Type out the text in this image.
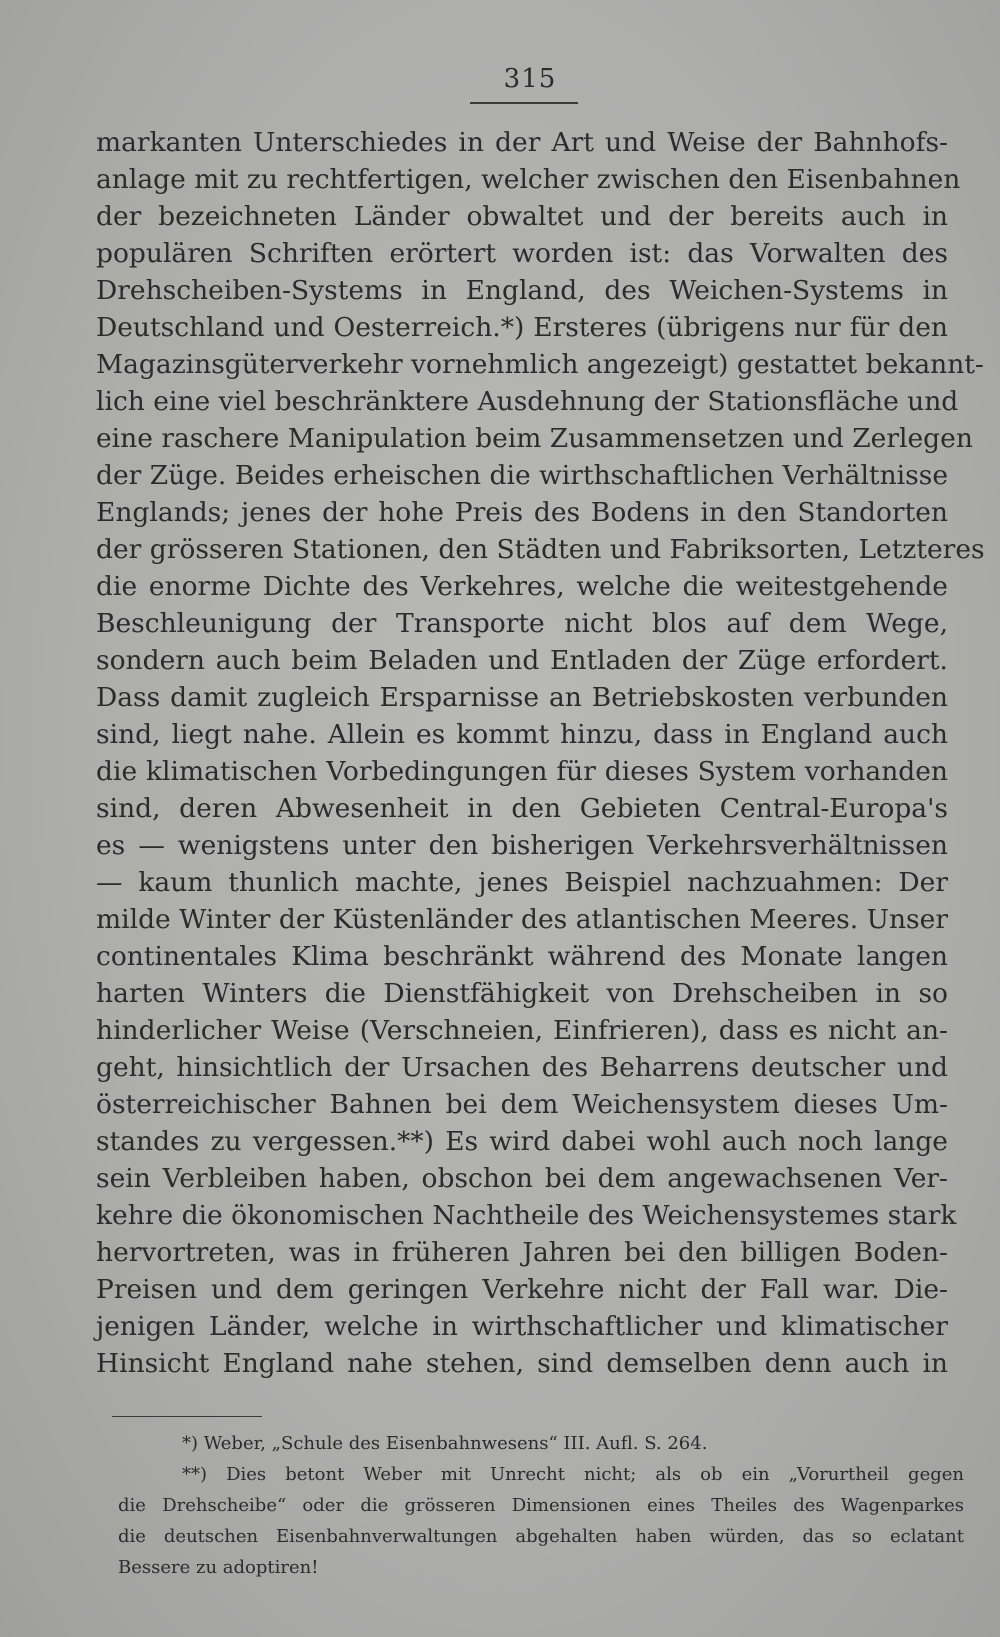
315
markanten Unterschiedes in der Art und Weise der Bahnhofs-
anlage mit zu rechtfertigen, welcher zwischen den Eisenbahnen
der bezeichneten Länder obwaltet und der bereits auch in
populären Schriften erörtert worden ist: das Vorwalten des
Drehscheiben-Systems in England, des Weichen-Systems in
Deutschland und Oesterreich.*) Ersteres (übrigens nur für den
Magazinsgüterverkehr vornehmlich angezeigt) gestattet bekannt-
lich eine viel beschränktere Ausdehnung der Stationsfläche und
eine raschere Manipulation beim Zusammensetzen und Zerlegen
der Züge. Beides erheischen die wirthschaftlichen Verhältnisse
Englands; jenes der hohe Preis des Bodens in den Standorten
der grösseren Stationen, den Städten und Fabriksorten, Letzteres
die enorme Dichte des Verkehres, welche die weitestgehende
Beschleunigung der Transporte nicht blos auf dem Wege,
sondern auch beim Beladen und Entladen der Züge erfordert.
Dass damit zugleich Ersparnisse an Betriebskosten verbunden
sind, liegt nahe. Allein es kommt hinzu, dass in England auch
die klimatischen Vorbedingungen für dieses System vorhanden
sind, deren Abwesenheit in den Gebieten Central-Europa's
es — wenigstens unter den bisherigen Verkehrsverhältnissen
— kaum thunlich machte, jenes Beispiel nachzuahmen: Der
milde Winter der Küstenländer des atlantischen Meeres. Unser
continentales Klima beschränkt während des Monate langen
harten Winters die Dienstfähigkeit von Drehscheiben in so
hinderlicher Weise (Verschneien, Einfrieren), dass es nicht an-
geht, hinsichtlich der Ursachen des Beharrens deutscher und
österreichischer Bahnen bei dem Weichensystem dieses Um-
standes zu vergessen.**) Es wird dabei wohl auch noch lange
sein Verbleiben haben, obschon bei dem angewachsenen Ver-
kehre die ökonomischen Nachtheile des Weichensystemes stark
hervortreten, was in früheren Jahren bei den billigen Boden-
Preisen und dem geringen Verkehre nicht der Fall war. Die-
jenigen Länder, welche in wirthschaftlicher und klimatischer
Hinsicht England nahe stehen, sind demselben denn auch in
*) Weber, „Schule des Eisenbahnwesens“ III. Aufl. S. 264.
**) Dies betont Weber mit Unrecht nicht; als ob ein „Vorurtheil gegen
die Drehscheibe“ oder die grösseren Dimensionen eines Theiles des Wagenparkes
die deutschen Eisenbahnverwaltungen abgehalten haben würden, das so eclatant
Bessere zu adoptiren!
